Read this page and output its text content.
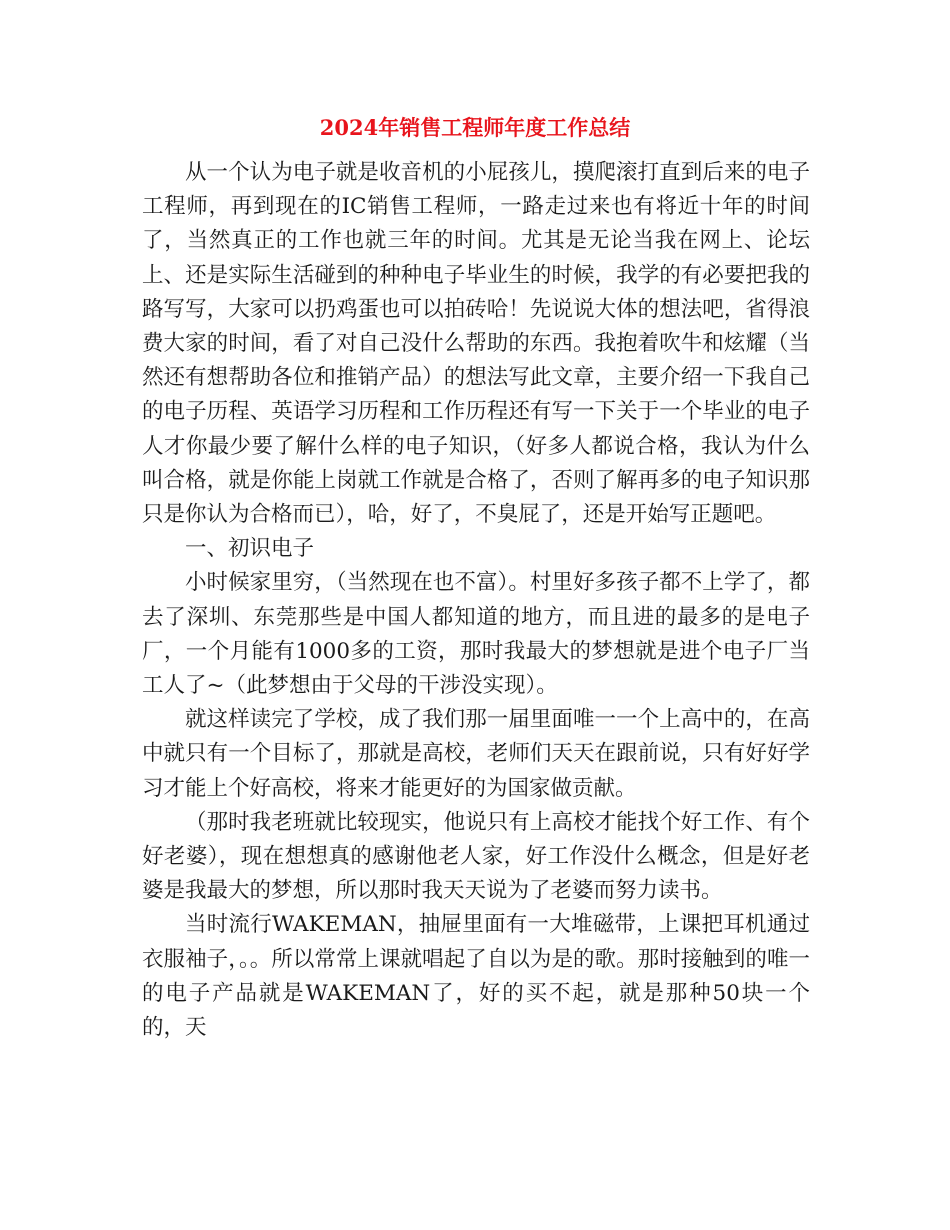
2024年销售工程师年度工作总结

从一个认为电子就是收音机的小屁孩儿，摸爬滚打直到后来的电子工程师，再到现在的IC销售工程师，一路走过来也有将近十年的时间了，当然真正的工作也就三年的时间。尤其是无论当我在网上、论坛上、还是实际生活碰到的种种电子毕业生的时候，我学的有必要把我的路写写，大家可以扔鸡蛋也可以拍砖哈！先说说大体的想法吧，省得浪费大家的时间，看了对自己没什么帮助的东西。我抱着吹牛和炫耀（当然还有想帮助各位和推销产品）的想法写此文章，主要介绍一下我自己的电子历程、英语学习历程和工作历程还有写一下关于一个毕业的电子人才你最少要了解什么样的电子知识，（好多人都说合格，我认为什么叫合格，就是你能上岗就工作就是合格了，否则了解再多的电子知识那只是你认为合格而已），哈，好了，不臭屁了，还是开始写正题吧。

一、初识电子

小时候家里穷，（当然现在也不富）。村里好多孩子都不上学了，都去了深圳、东莞那些是中国人都知道的地方，而且进的最多的是电子厂，一个月能有1000多的工资，那时我最大的梦想就是进个电子厂当工人了~（此梦想由于父母的干涉没实现）。

就这样读完了学校，成了我们那一届里面唯一一个上高中的，在高中就只有一个目标了，那就是高校，老师们天天在跟前说，只有好好学习才能上个好高校，将来才能更好的为国家做贡献。

（那时我老班就比较现实，他说只有上高校才能找个好工作、有个好老婆），现在想想真的感谢他老人家，好工作没什么概念，但是好老婆是我最大的梦想，所以那时我天天说为了老婆而努力读书。

当时流行WAKEMAN，抽屉里面有一大堆磁带，上课把耳机通过衣服袖子，。。所以常常上课就唱起了自以为是的歌。那时接触到的唯一的电子产品就是WAKEMAN了，好的买不起，就是那种50块一个的，天
